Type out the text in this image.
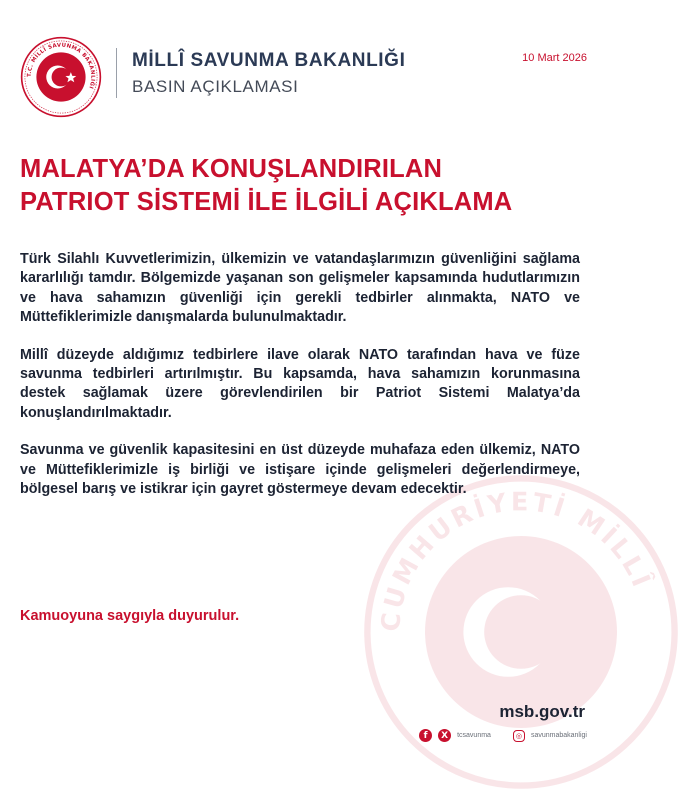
T.C. MİLLÎ SAVUNMA BAKANLIĞI
MİLLÎ SAVUNMA BAKANLIĞI
BASIN AÇIKLAMASI
10 Mart 2026
CUMHURİYETİ MİLLÎ
MALATYA’DA KONUŞLANDIRILAN
PATRIOT SİSTEMİ İLE İLGİLİ AÇIKLAMA

Türk Silahlı Kuvvetlerimizin, ülkemizin ve vatandaşlarımızın güvenliğini sağlama kararlılığı tamdır. Bölgemizde yaşanan son gelişmeler kapsamında hudutlarımızın ve hava sahamızın güvenliği için gerekli tedbirler alınmakta, NATO ve Müttefiklerimizle danışmalarda bulunulmaktadır.

Millî düzeyde aldığımız tedbirlere ilave olarak NATO tarafından hava ve füze savunma tedbirleri artırılmıştır. Bu kapsamda, hava sahamızın korunmasına destek sağlamak üzere görevlendirilen bir Patriot Sistemi Malatya’da konuşlandırılmaktadır.

Savunma ve güvenlik kapasitesini en üst düzeyde muhafaza eden ülkemiz, NATO ve Müttefiklerimizle iş birliği ve istişare içinde gelişmeleri değerlendirmeye, bölgesel barış ve istikrar için gayret göstermeye devam edecektir.

Kamuoyuna saygıyla duyurulur.
msb.gov.tr
f	X	tcsavunma	◎	savunmabakanligi
